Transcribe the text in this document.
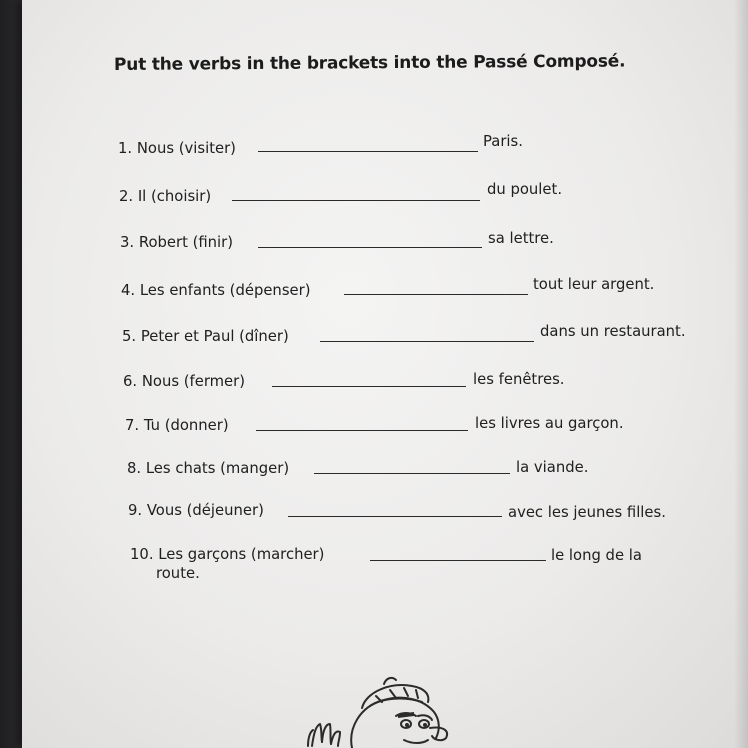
Put the verbs in the brackets into the Passé Composé.
1. Nous (visiter)	Paris.
2. Il (choisir)	du poulet.
3. Robert (finir)	sa lettre.
4. Les enfants (dépenser)	tout leur argent.
5. Peter et Paul (dîner)	dans un restaurant.
6. Nous (fermer)	les fenêtres.
7. Tu (donner)	les livres au garçon.
8. Les chats (manger)	la viande.
9. Vous (déjeuner)	avec les jeunes filles.
10. Les garçons (marcher)	le long de la
route.
